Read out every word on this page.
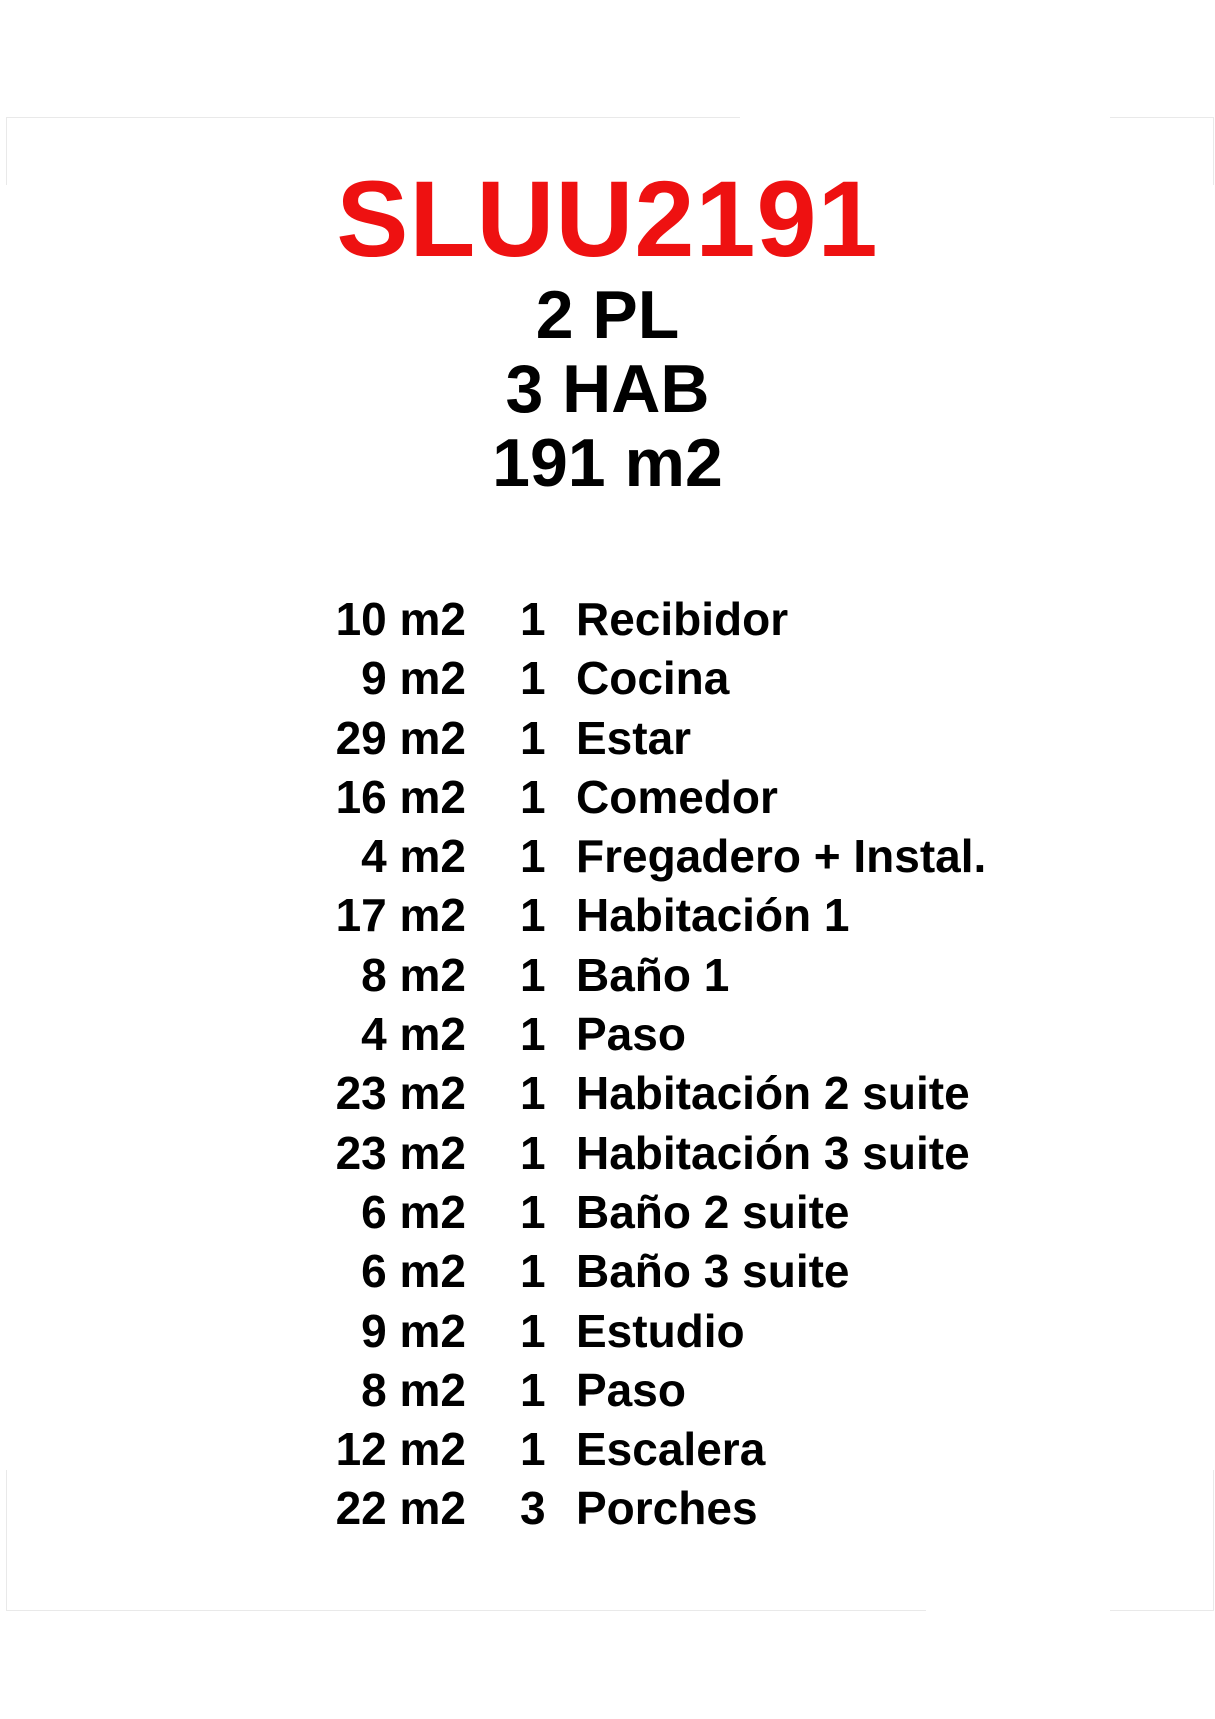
SLUU2191
2 PL
3 HAB
191 m2
10 m2 1 Recibidor
9 m2 1 Cocina
29 m2 1 Estar
16 m2 1 Comedor
4 m2 1 Fregadero + Instal.
17 m2 1 Habitación 1
8 m2 1 Baño 1
4 m2 1 Paso
23 m2 1 Habitación 2 suite
23 m2 1 Habitación 3 suite
6 m2 1 Baño 2 suite
6 m2 1 Baño 3 suite
9 m2 1 Estudio
8 m2 1 Paso
12 m2 1 Escalera
22 m2 3 Porches
